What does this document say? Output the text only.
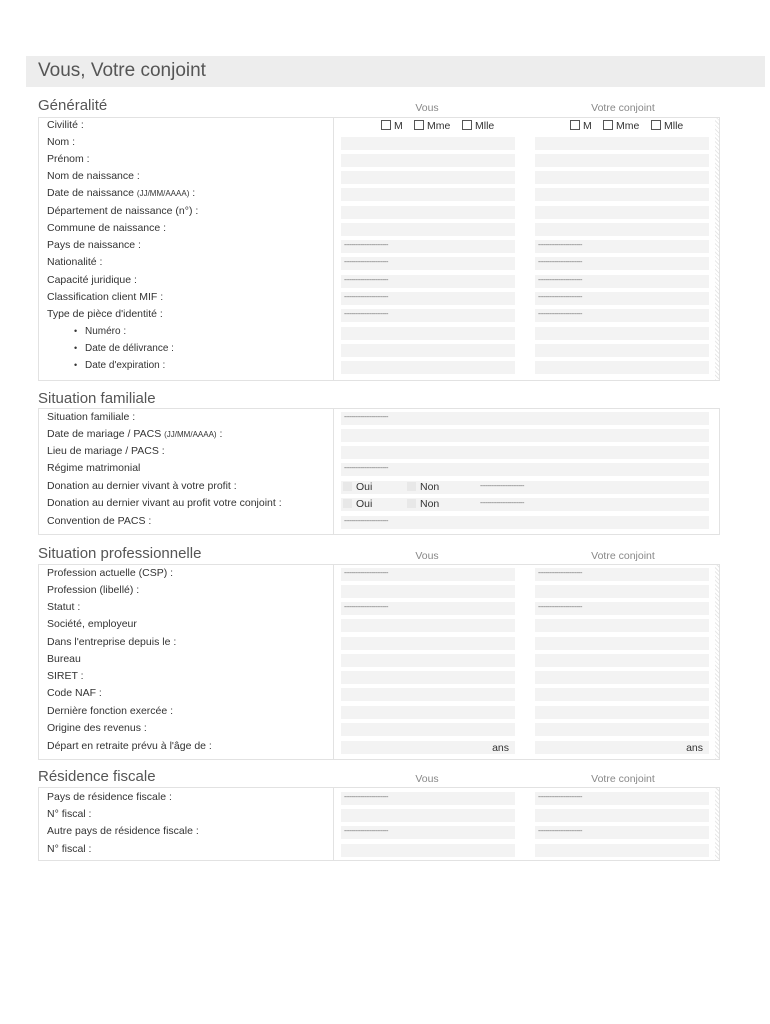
Vous, Votre conjoint
Généralité	Vous	Votre conjoint
Civilité :	M	Mme	Mlle	M	Mme	Mlle
Nom :
Prénom :
Nom de naissance :
Date de naissance (JJ/MM/AAAA) :
Département de naissance (n°) :
Commune de naissance :
Pays de naissance :	------------------------	------------------------
Nationalité :	------------------------	------------------------
Capacité juridique :	------------------------	------------------------
Classification client MIF :	------------------------	------------------------
Type de pièce d'identité :	------------------------	------------------------
• Numéro :
• Date de délivrance :
• Date d'expiration :
Situation familiale
Situation familiale :	------------------------
Date de mariage / PACS (JJ/MM/AAAA) :
Lieu de mariage / PACS :
Régime matrimonial	------------------------
Donation au dernier vivant à votre profit :	Oui	Non	------------------------
Donation au dernier vivant au profit votre conjoint :	Oui	Non	------------------------
Convention de PACS :	------------------------
Situation professionnelle	Vous	Votre conjoint
Profession actuelle (CSP) :	------------------------	------------------------
Profession (libellé) :
Statut :	------------------------	------------------------
Société, employeur
Dans l'entreprise depuis le :
Bureau
SIRET :
Code NAF :
Dernière fonction exercée :
Origine des revenus :
Départ en retraite prévu à l'âge de :	ans	ans
Résidence fiscale	Vous	Votre conjoint
Pays de résidence fiscale :	------------------------	------------------------
N° fiscal :
Autre pays de résidence fiscale :	------------------------	------------------------
N° fiscal :
